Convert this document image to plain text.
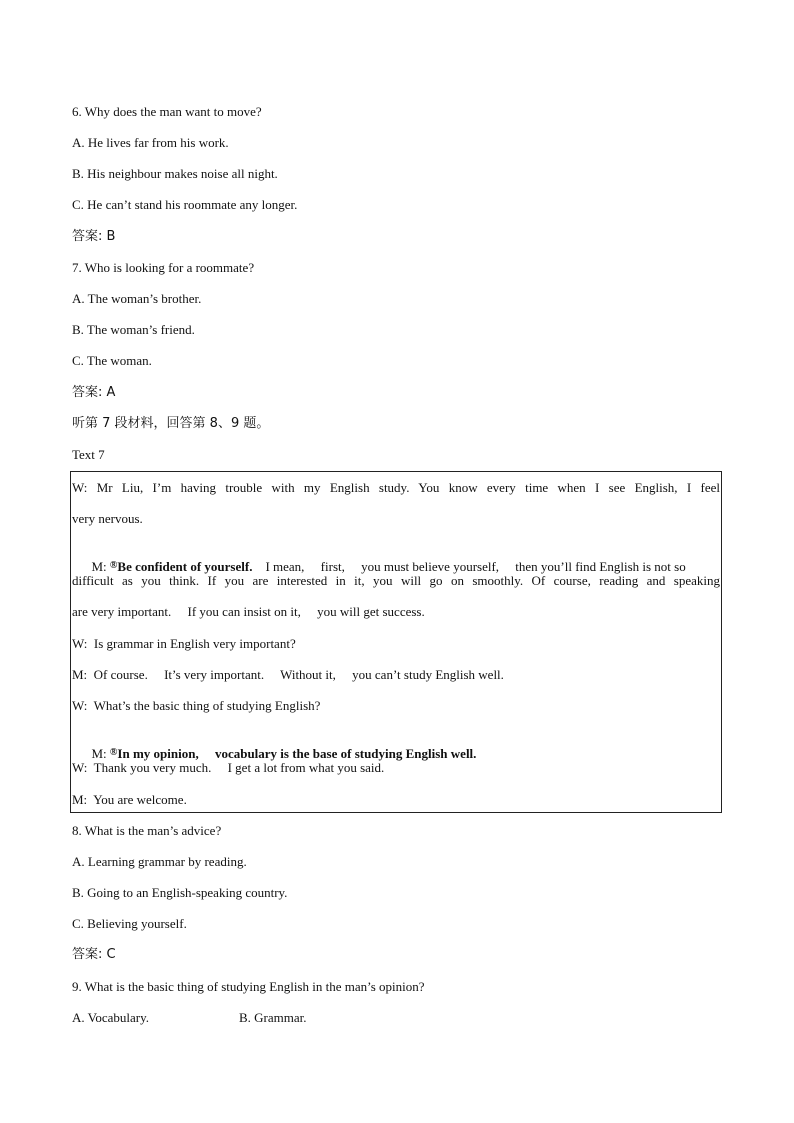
6. Why does the man want to move?
A. He lives far from his work.
B. His neighbour makes noise all night.
C. He can’t stand his roommate any longer.
答案: B
7. Who is looking for a roommate?
A. The woman’s brother.
B. The woman’s friend.
C. The woman.
答案: A
听第 7 段材料，回答第 8、9 题。
Text 7
W: Mr Liu, I’m having trouble with my English study. You know every time when I see English, I feel
very nervous.

M: ®Be confident of yourself.    I mean,     first,     you must believe yourself,     then you’ll find English is not so

difficult as you think. If you are interested in it, you will go on smoothly. Of course, reading and speaking
are very important.     If you can insist on it,     you will get success.
W:  Is grammar in English very important?
M:  Of course.     It’s very important.     Without it,     you can’t study English well.
W:  What’s the basic thing of studying English?

M: ®In my opinion,     vocabulary is the base of studying English well.

W:  Thank you very much.     I get a lot from what you said.
M:  You are welcome.
8. What is the man’s advice?
A. Learning grammar by reading.
B. Going to an English-speaking country.
C. Believing yourself.
答案: C
9. What is the basic thing of studying English in the man’s opinion?
A. Vocabulary.	B. Grammar.
